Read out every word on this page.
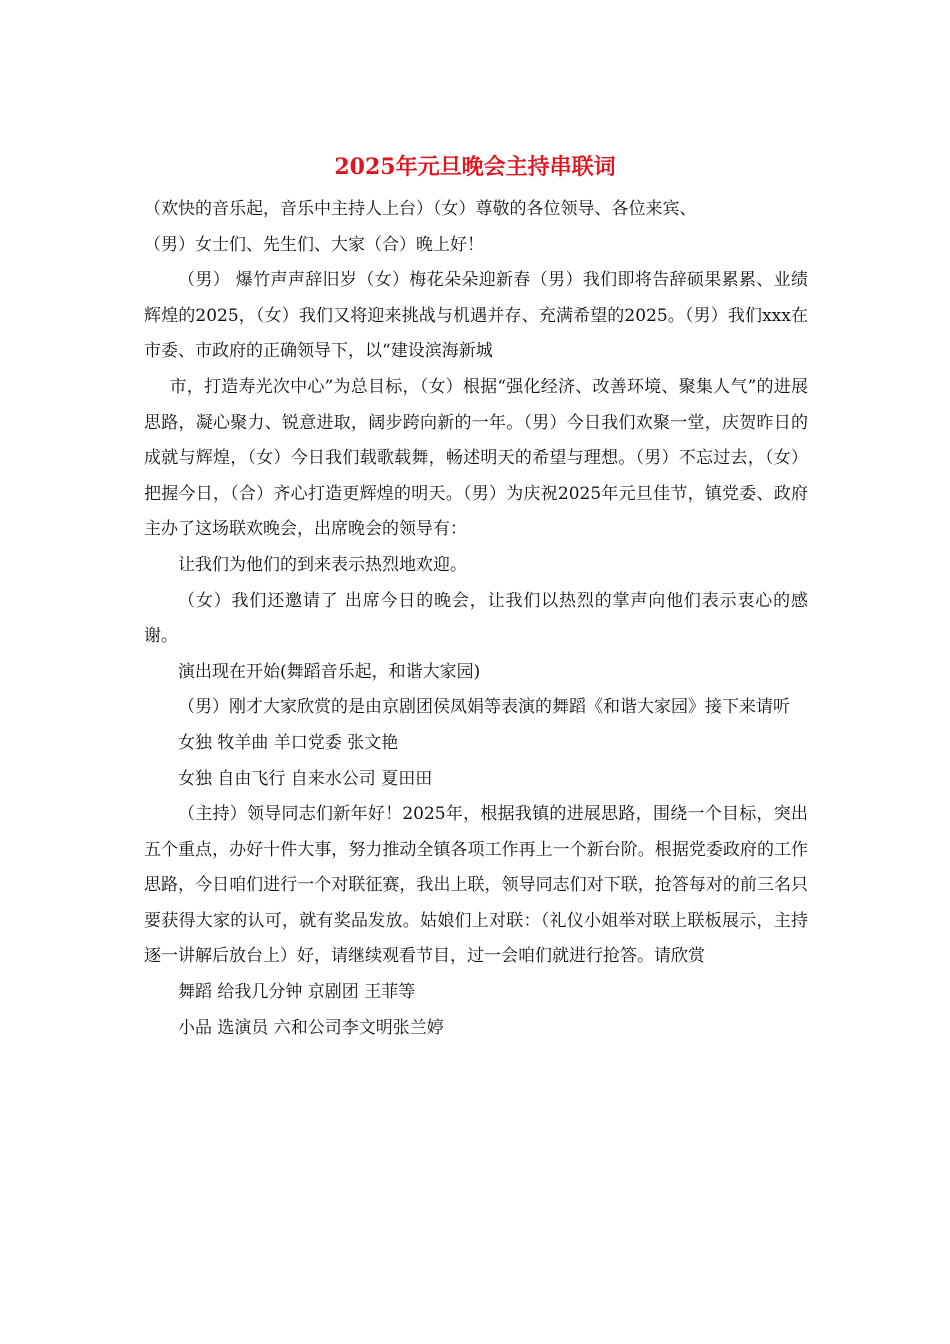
2025年元旦晚会主持串联词

（欢快的音乐起，音乐中主持人上台）（女）尊敬的各位领导、各位来宾、

（男）女士们、先生们、大家（合）晚上好！

（男） 爆竹声声辞旧岁（女）梅花朵朵迎新春（男）我们即将告辞硕果累累、业绩辉煌的2025，（女）我们又将迎来挑战与机遇并存、充满希望的2025。（男）我们xxx在市委、市政府的正确领导下，以“建设滨海新城

市，打造寿光次中心”为总目标，（女）根据“强化经济、改善环境、聚集人气”的进展思路，凝心聚力、锐意进取，阔步跨向新的一年。（男）今日我们欢聚一堂，庆贺昨日的成就与辉煌，（女）今日我们载歌载舞，畅述明天的希望与理想。（男）不忘过去，（女）把握今日，（合）齐心打造更辉煌的明天。（男）为庆祝2025年元旦佳节，镇党委、政府主办了这场联欢晚会，出席晚会的领导有：

让我们为他们的到来表示热烈地欢迎。

（女）我们还邀请了 出席今日的晚会，让我们以热烈的掌声向他们表示衷心的感谢。

演出现在开始(舞蹈音乐起，和谐大家园)

（男）刚才大家欣赏的是由京剧团侯凤娟等表演的舞蹈《和谐大家园》接下来请听

女独 牧羊曲 羊口党委 张文艳

女独 自由飞行 自来水公司 夏田田

（主持）领导同志们新年好！2025年，根据我镇的进展思路，围绕一个目标，突出五个重点，办好十件大事，努力推动全镇各项工作再上一个新台阶。根据党委政府的工作思路，今日咱们进行一个对联征赛，我出上联，领导同志们对下联，抢答每对的前三名只要获得大家的认可，就有奖品发放。姑娘们上对联：（礼仪小姐举对联上联板展示，主持逐一讲解后放台上）好，请继续观看节目，过一会咱们就进行抢答。请欣赏

舞蹈 给我几分钟 京剧团 王菲等

小品 选演员 六和公司李文明张兰婷
